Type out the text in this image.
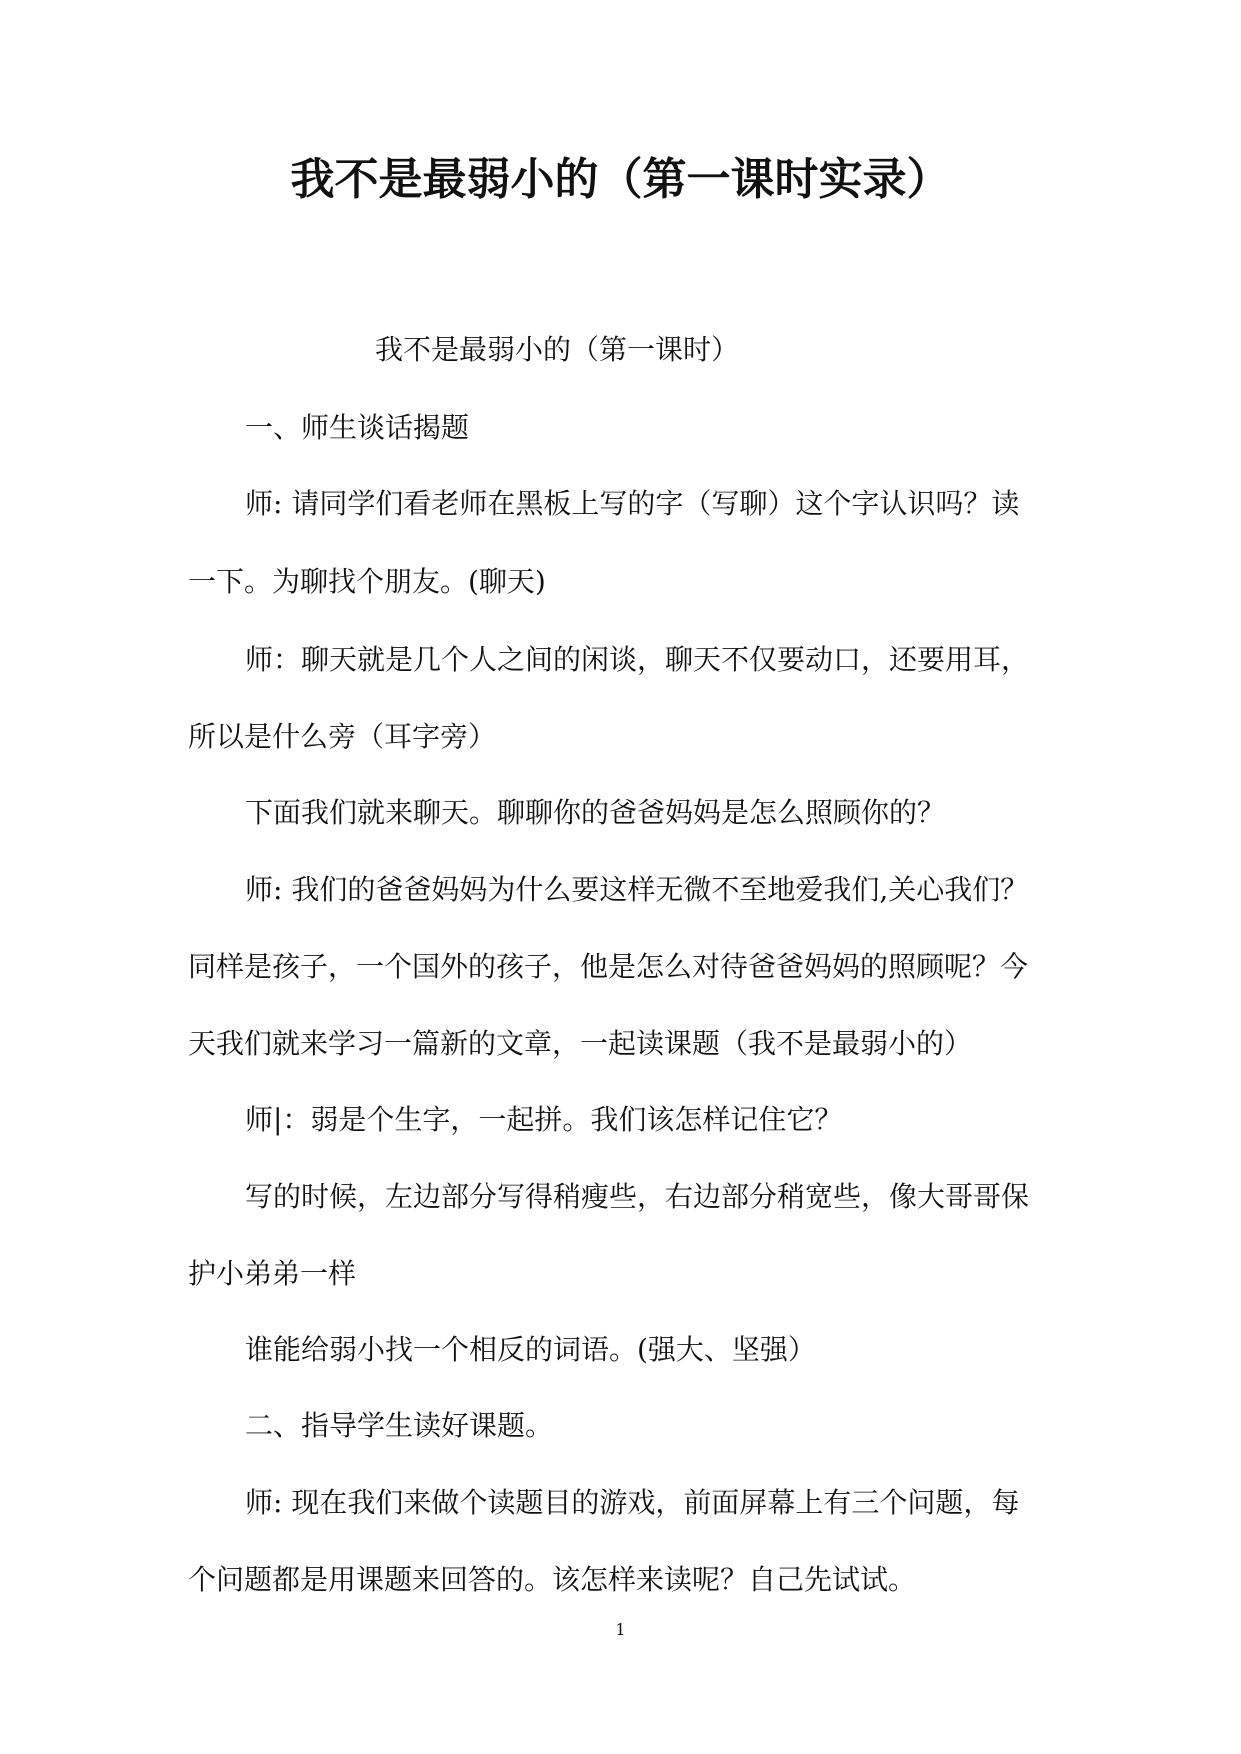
我不是最弱小的（第一课时实录）
我不是最弱小的（第一课时）
一、师生谈话揭题
师: 请同学们看老师在黑板上写的字（写聊）这个字认识吗？读
一下。为聊找个朋友。(聊天)
师：聊天就是几个人之间的闲谈，聊天不仅要动口，还要用耳，
所以是什么旁（耳字旁）
下面我们就来聊天。聊聊你的爸爸妈妈是怎么照顾你的？
师: 我们的爸爸妈妈为什么要这样无微不至地爱我们,关心我们？
同样是孩子，一个国外的孩子，他是怎么对待爸爸妈妈的照顾呢？今
天我们就来学习一篇新的文章，一起读课题（我不是最弱小的）
师|：弱是个生字，一起拼。我们该怎样记住它？
写的时候，左边部分写得稍瘦些，右边部分稍宽些，像大哥哥保
护小弟弟一样
谁能给弱小找一个相反的词语。(强大、坚强）
二、指导学生读好课题。
师: 现在我们来做个读题目的游戏，前面屏幕上有三个问题，每
个问题都是用课题来回答的。该怎样来读呢？自己先试试。
1
